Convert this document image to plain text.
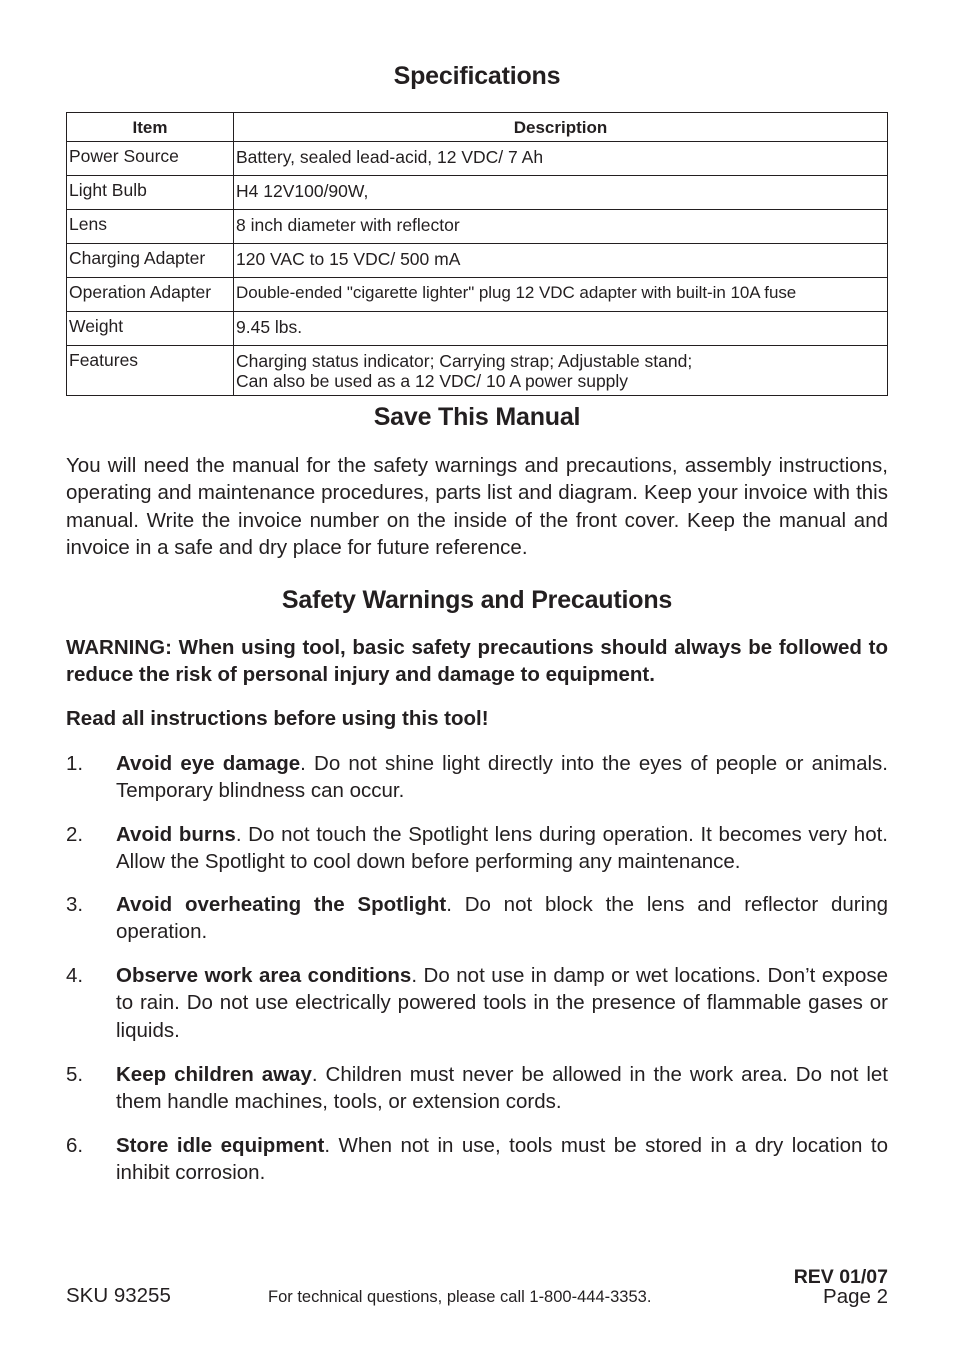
Specifications
Item	Description
Power Source	Battery, sealed lead-acid, 12 VDC/ 7 Ah

Light Bulb	H4 12V100/90W,

Lens	8 inch diameter with reflector

Charging Adapter	120 VAC to 15 VDC/ 500 mA

Operation Adapter	Double-ended "cigarette lighter" plug 12 VDC adapter with built-in 10A fuse

Weight	9.45 lbs.

Features	Charging status indicator; Carrying strap; Adjustable stand;
Can also be used as a 12 VDC/ 10 A power supply
Save This Manual

You will need the manual for the safety warnings and precautions, assembly instructions, operating and maintenance procedures, parts list and diagram. Keep your invoice with this manual. Write the invoice number on the inside of the front cover. Keep the manual and invoice in a safe and dry place for future reference.

Safety Warnings and Precautions

WARNING: When using tool, basic safety precautions should always be followed to reduce the risk of personal injury and damage to equipment.

Read all instructions before using this tool!

1.	Avoid eye damage. Do not shine light directly into the eyes of people or animals. Temporary blindness can occur.
2.	Avoid burns. Do not touch the Spotlight lens during operation. It becomes very hot. Allow the Spotlight to cool down before performing any maintenance.
3.	Avoid overheating the Spotlight. Do not block the lens and reflector during operation.
4.	Observe work area conditions. Do not use in damp or wet locations. Don’t expose to rain. Do not use electrically powered tools in the presence of flammable gases or liquids.
5.	Keep children away. Children must never be allowed in the work area. Do not let them handle machines, tools, or extension cords.
6.	Store idle equipment. When not in use, tools must be stored in a dry location to inhibit corrosion.
SKU 93255	For technical questions, please call 1-800-444-3353.
REV 01/07
Page 2
